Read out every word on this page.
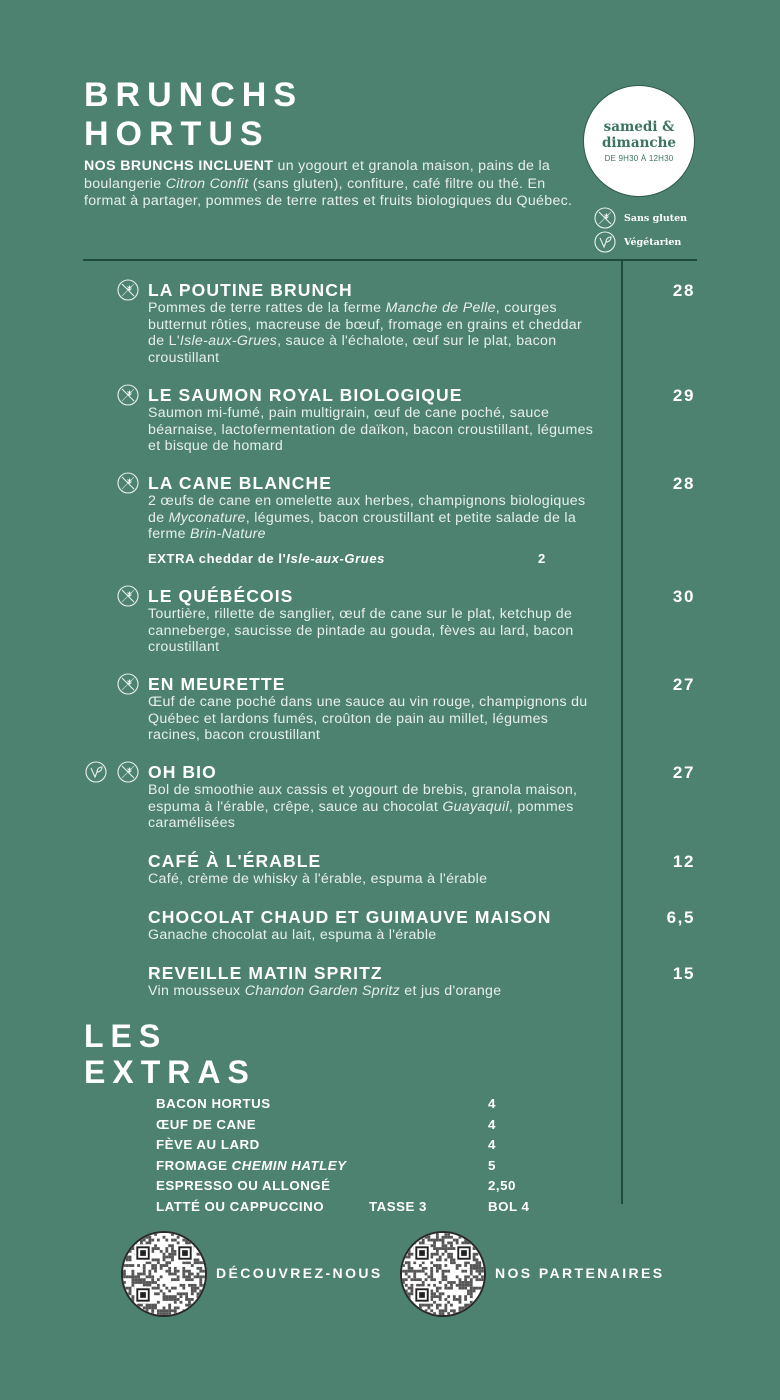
BRUNCHS
HORTUS
NOS BRUNCHS INCLUENT un yogourt et granola maison, pains de la boulangerie Citron Confit (sans gluten), confiture, café filtre ou thé. En format à partager, pommes de terre rattes et fruits biologiques du Québec.
samedi &
dimanche
DE 9H30 À 12H30
Sans gluten
Végétarien
LA POUTINE BRUNCH
Pommes de terre rattes de la ferme Manche de Pelle, courges butternut rôties, macreuse de bœuf, fromage en grains et cheddar de L'Isle-aux-Grues, sauce à l'échalote, œuf sur le plat, bacon croustillant
28
LE SAUMON ROYAL BIOLOGIQUE
Saumon mi-fumé, pain multigrain, œuf de cane poché, sauce béarnaise, lactofermentation de daïkon, bacon croustillant, légumes et bisque de homard
29
LA CANE BLANCHE
2 œufs de cane en omelette aux herbes, champignons biologiques de Myconature, légumes, bacon croustillant et petite salade de la ferme Brin-Nature
EXTRA cheddar de l'Isle-aux-Grues	2
28
LE QUÉBÉCOIS
Tourtière, rillette de sanglier, œuf de cane sur le plat, ketchup de canneberge, saucisse de pintade au gouda, fèves au lard, bacon croustillant
30
EN MEURETTE
Œuf de cane poché dans une sauce au vin rouge, champignons du Québec et lardons fumés, croûton de pain au millet, légumes racines, bacon croustillant
27
OH BIO
Bol de smoothie aux cassis et yogourt de brebis, granola maison, espuma à l'érable, crêpe, sauce au chocolat Guayaquil, pommes caramélisées
27
CAFÉ À L'ÉRABLE
Café, crème de whisky à l'érable, espuma à l'érable
12
CHOCOLAT CHAUD ET GUIMAUVE MAISON
Ganache chocolat au lait, espuma à l'érable
6,5
REVEILLE MATIN SPRITZ
Vin mousseux Chandon Garden Spritz et jus d'orange
15
LES
EXTRAS
BACON HORTUS	4
ŒUF DE CANE	4
FÈVE AU LARD	4
FROMAGE CHEMIN HATLEY	5
ESPRESSO OU ALLONGÉ	2,50
LATTÉ OU CAPPUCCINO	TASSE 3	BOL 4
DÉCOUVREZ-NOUS	NOS PARTENAIRES
